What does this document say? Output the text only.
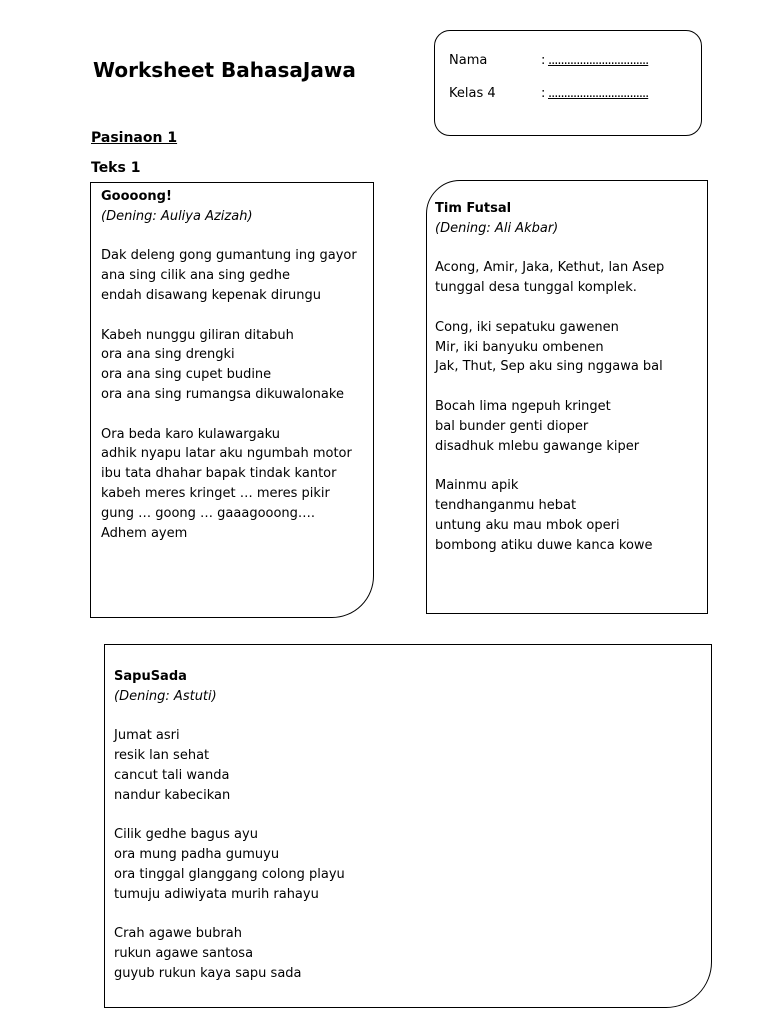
Worksheet BahasaJawa	Nama	: ................................
Kelas 4	: ................................
Pasinaon 1
Teks 1
Goooong!
(Dening: Auliya Azizah)
Dak deleng gong gumantung ing gayor
ana sing cilik ana sing gedhe
endah disawang kepenak dirungu
Kabeh nunggu giliran ditabuh
ora ana sing drengki
ora ana sing cupet budine
ora ana sing rumangsa dikuwalonake
Ora beda karo kulawargaku
adhik nyapu latar aku ngumbah motor
ibu tata dhahar bapak tindak kantor
kabeh meres kringet … meres pikir
gung … goong … gaaagooong….
Adhem ayem
Tim Futsal
(Dening: Ali Akbar)
Acong, Amir, Jaka, Kethut, lan Asep
tunggal desa tunggal komplek.
Cong, iki sepatuku gawenen
Mir, iki banyuku ombenen
Jak, Thut, Sep aku sing nggawa bal
Bocah lima ngepuh kringet
bal bunder genti dioper
disadhuk mlebu gawange kiper
Mainmu apik
tendhanganmu hebat
untung aku mau mbok operi
bombong atiku duwe kanca kowe
SapuSada
(Dening: Astuti)
Jumat asri
resik lan sehat
cancut tali wanda
nandur kabecikan
Cilik gedhe bagus ayu
ora mung padha gumuyu
ora tinggal glanggang colong playu
tumuju adiwiyata murih rahayu
Crah agawe bubrah
rukun agawe santosa
guyub rukun kaya sapu sada
